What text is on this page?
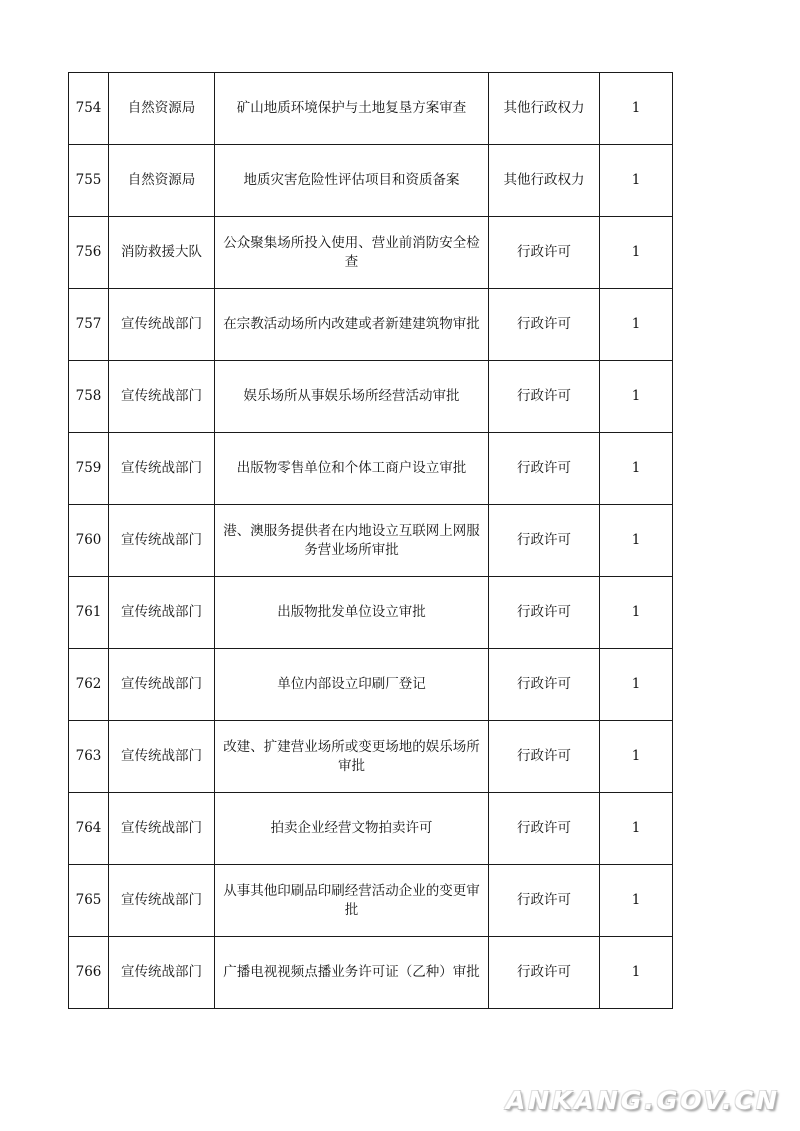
754	自然资源局	矿山地质环境保护与土地复垦方案审查	其他行政权力	1
755	自然资源局	地质灾害危险性评估项目和资质备案	其他行政权力	1
756	消防救援大队	公众聚集场所投入使用、营业前消防安全检查	行政许可	1
757	宣传统战部门	在宗教活动场所内改建或者新建建筑物审批	行政许可	1
758	宣传统战部门	娱乐场所从事娱乐场所经营活动审批	行政许可	1
759	宣传统战部门	出版物零售单位和个体工商户设立审批	行政许可	1
760	宣传统战部门	港、澳服务提供者在内地设立互联网上网服务营业场所审批	行政许可	1
761	宣传统战部门	出版物批发单位设立审批	行政许可	1
762	宣传统战部门	单位内部设立印刷厂登记	行政许可	1
763	宣传统战部门	改建、扩建营业场所或变更场地的娱乐场所审批	行政许可	1
764	宣传统战部门	拍卖企业经营文物拍卖许可	行政许可	1
765	宣传统战部门	从事其他印刷品印刷经营活动企业的变更审批	行政许可	1
766	宣传统战部门	广播电视视频点播业务许可证（乙种）审批	行政许可	1
ANKANG.GOV.CN
